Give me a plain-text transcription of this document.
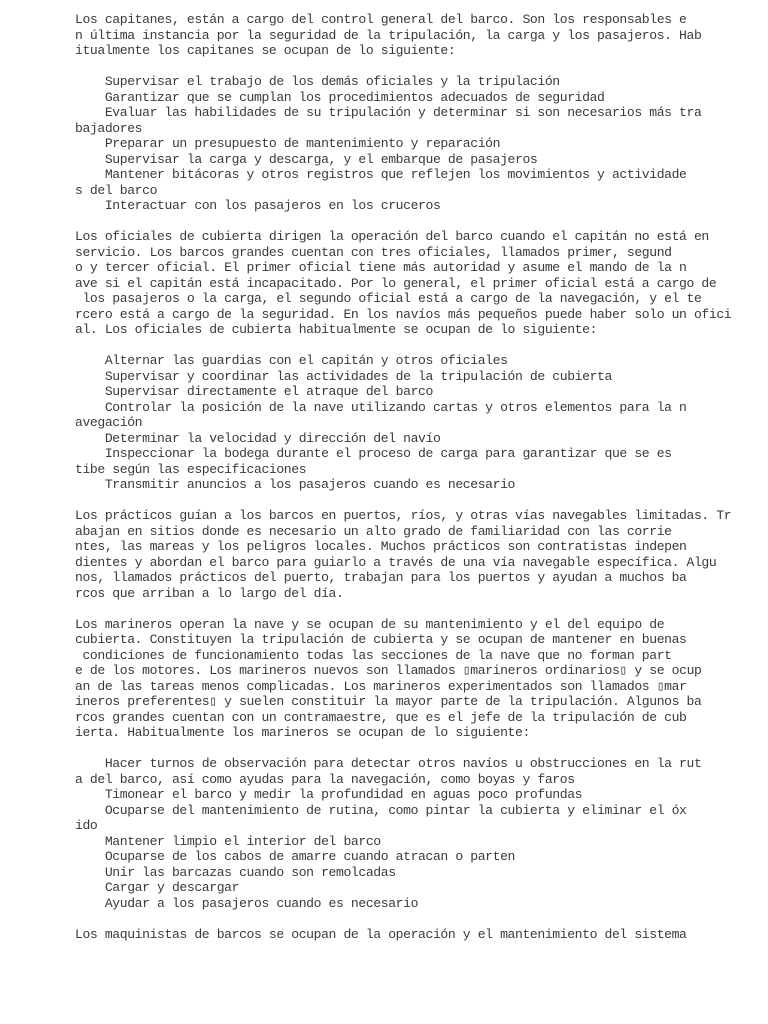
Los capitanes, están a cargo del control general del barco. Son los responsables e
n última instancia por la seguridad de la tripulación, la carga y los pasajeros. Hab
itualmente los capitanes se ocupan de lo siguiente:
Supervisar el trabajo de los demás oficiales y la tripulación
Garantizar que se cumplan los procedimientos adecuados de seguridad
Evaluar las habilidades de su tripulación y determinar si son necesarios más tra
bajadores
Preparar un presupuesto de mantenimiento y reparación
Supervisar la carga y descarga, y el embarque de pasajeros
Mantener bitácoras y otros registros que reflejen los movimientos y actividade
s del barco
Interactuar con los pasajeros en los cruceros
Los oficiales de cubierta dirigen la operación del barco cuando el capitán no está en
servicio. Los barcos grandes cuentan con tres oficiales, llamados primer, segund
o y tercer oficial. El primer oficial tiene más autoridad y asume el mando de la n
ave si el capitán está incapacitado. Por lo general, el primer oficial está a cargo de
los pasajeros o la carga, el segundo oficial está a cargo de la navegación, y el te
rcero está a cargo de la seguridad. En los navíos más pequeños puede haber solo un ofici
al. Los oficiales de cubierta habitualmente se ocupan de lo siguiente:
Alternar las guardias con el capitán y otros oficiales
Supervisar y coordinar las actividades de la tripulación de cubierta
Supervisar directamente el atraque del barco
Controlar la posición de la nave utilizando cartas y otros elementos para la n
avegación
Determinar la velocidad y dirección del navío
Inspeccionar la bodega durante el proceso de carga para garantizar que se es
tibe según las especificaciones
Transmitir anuncios a los pasajeros cuando es necesario
Los prácticos guían a los barcos en puertos, ríos, y otras vías navegables limitadas. Tr
abajan en sitios donde es necesario un alto grado de familiaridad con las corrie
ntes, las mareas y los peligros locales. Muchos prácticos son contratistas indepen
dientes y abordan el barco para guiarlo a través de una vía navegable específica. Algu
nos, llamados prácticos del puerto, trabajan para los puertos y ayudan a muchos ba
rcos que arriban a lo largo del día.
Los marineros operan la nave y se ocupan de su mantenimiento y el del equipo de
cubierta. Constituyen la tripulación de cubierta y se ocupan de mantener en buenas
condiciones de funcionamiento todas las secciones de la nave que no forman part
e de los motores. Los marineros nuevos son llamados ▯marineros ordinarios▯ y se ocup
an de las tareas menos complicadas. Los marineros experimentados son llamados ▯mar
ineros preferentes▯ y suelen constituir la mayor parte de la tripulación. Algunos ba
rcos grandes cuentan con un contramaestre, que es el jefe de la tripulación de cub
ierta. Habitualmente los marineros se ocupan de lo siguiente:
Hacer turnos de observación para detectar otros navíos u obstrucciones en la rut
a del barco, así como ayudas para la navegación, como boyas y faros
Timonear el barco y medir la profundidad en aguas poco profundas
Ocuparse del mantenimiento de rutina, como pintar la cubierta y eliminar el óx
ido
Mantener limpio el interior del barco
Ocuparse de los cabos de amarre cuando atracan o parten
Unir las barcazas cuando son remolcadas
Cargar y descargar
Ayudar a los pasajeros cuando es necesario
Los maquinistas de barcos se ocupan de la operación y el mantenimiento del sistema
